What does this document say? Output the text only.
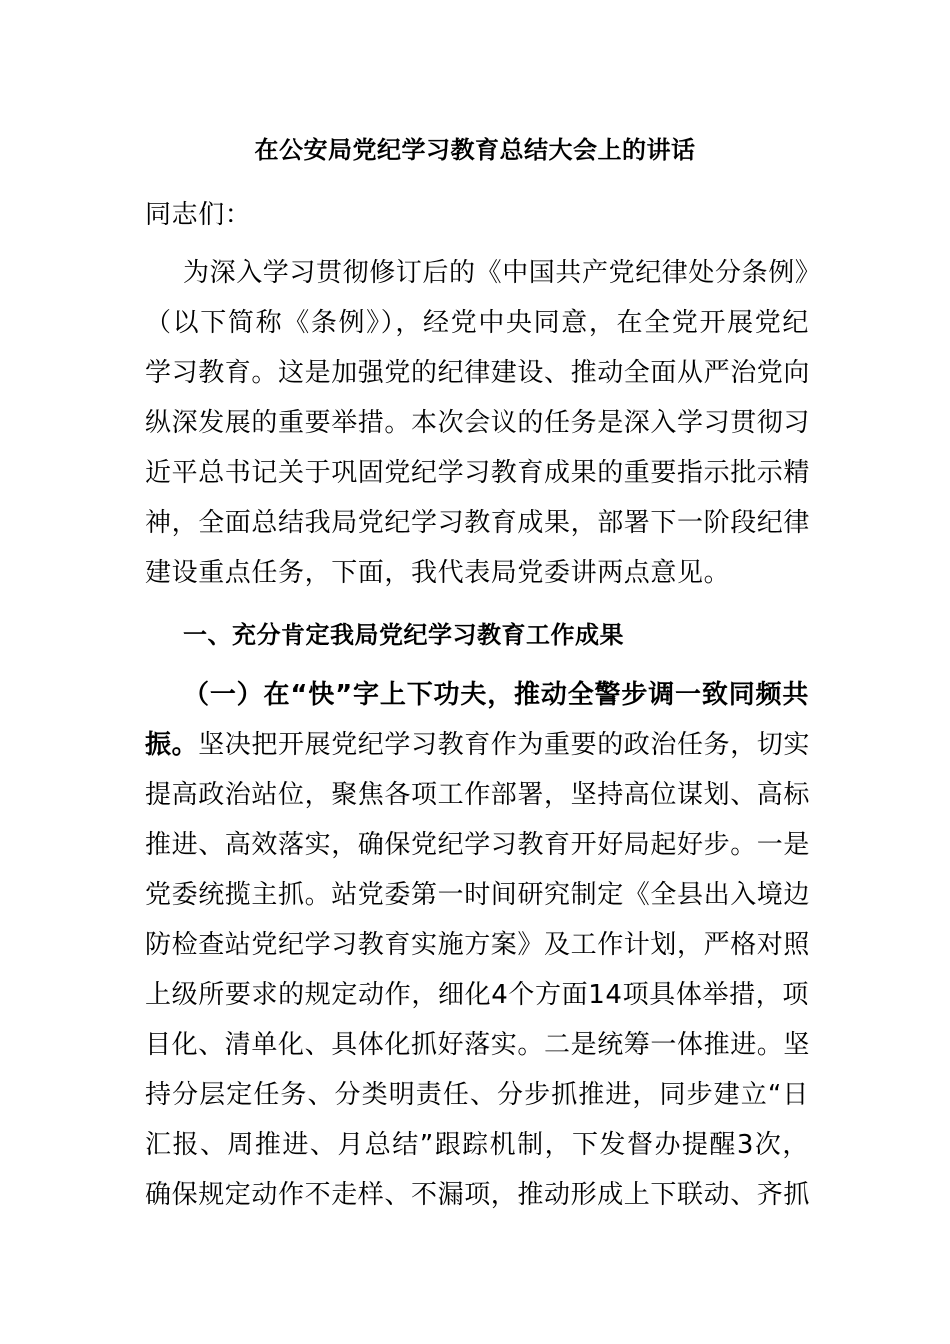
在公安局党纪学习教育总结大会上的讲话
同志们：
为深入学习贯彻修订后的《中国共产党纪律处分条例》
（以下简称《条例》），经党中央同意，在全党开展党纪
学习教育。这是加强党的纪律建设、推动全面从严治党向
纵深发展的重要举措。本次会议的任务是深入学习贯彻习
近平总书记关于巩固党纪学习教育成果的重要指示批示精
神，全面总结我局党纪学习教育成果，部署下一阶段纪律
建设重点任务，下面，我代表局党委讲两点意见。
一、充分肯定我局党纪学习教育工作成果
（一）在“快”字上下功夫，推动全警步调一致同频共
振。坚决把开展党纪学习教育作为重要的政治任务，切实
提高政治站位，聚焦各项工作部署，坚持高位谋划、高标
推进、高效落实，确保党纪学习教育开好局起好步。一是
党委统揽主抓。站党委第一时间研究制定《全县出入境边
防检查站党纪学习教育实施方案》及工作计划，严格对照
上级所要求的规定动作，细化4个方面14项具体举措，项
目化、清单化、具体化抓好落实。二是统筹一体推进。坚
持分层定任务、分类明责任、分步抓推进，同步建立“日
汇报、周推进、月总结”跟踪机制，下发督办提醒3次，
确保规定动作不走样、不漏项，推动形成上下联动、齐抓
